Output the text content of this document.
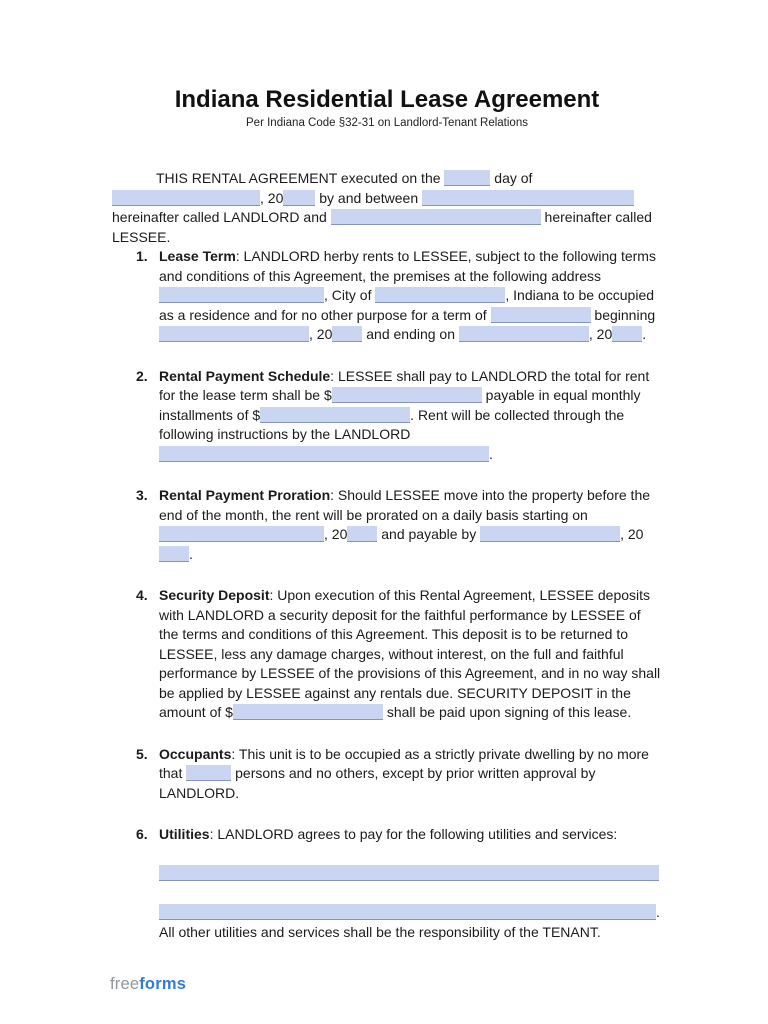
Indiana Residential Lease Agreement
Per Indiana Code §32-31 on Landlord-Tenant Relations

THIS RENTAL AGREEMENT executed on the	day of , 20 by and between  hereinafter called LANDLORD and	hereinafter called LESSEE.

1. Lease Term: LANDLORD herby rents to LESSEE, subject to the following terms and conditions of this Agreement, the premises at the following address , City of	, Indiana to be occupied as a residence and for no other purpose for a term of	beginning , 20 and ending on	, 20 .

2. Rental Payment Schedule: LESSEE shall pay to LANDLORD the total for rent for the lease term shall be $	payable in equal monthly installments of $	. Rent will be collected through the following instructions by the LANDLORD .

3. Rental Payment Proration: Should LESSEE move into the property before the end of the month, the rent will be prorated on a daily basis starting on , 20 and payable by	, 20.

4. Security Deposit: Upon execution of this Rental Agreement, LESSEE deposits with LANDLORD a security deposit for the faithful performance by LESSEE of the terms and conditions of this Agreement. This deposit is to be returned to LESSEE, less any damage charges, without interest, on the full and faithful performance by LESSEE of the provisions of this Agreement, and in no way shall be applied by LESSEE against any rentals due. SECURITY DEPOSIT in the amount of $	shall be paid upon signing of this lease.

5. Occupants: This unit is to be occupied as a strictly private dwelling by no more that	persons and no others, except by prior written approval by LANDLORD.

6. Utilities: LANDLORD agrees to pay for the following utilities and services:

.
All other utilities and services shall be the responsibility of the TENANT.

freeforms
